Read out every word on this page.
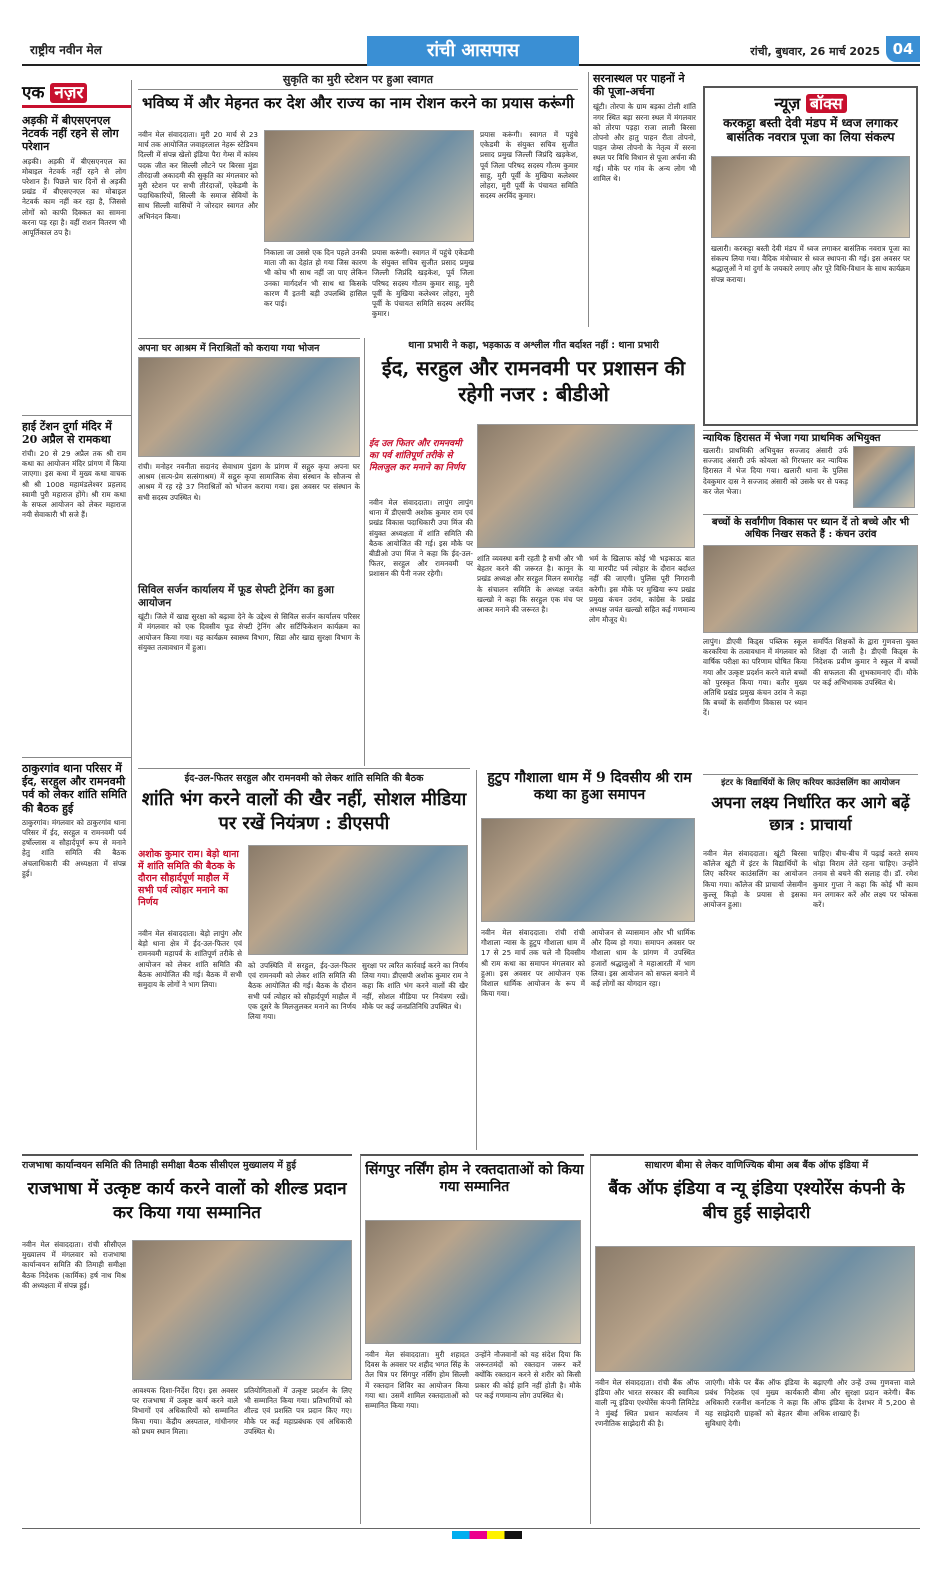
राष्ट्रीय नवीन मेल	रांची आसपास	रांची, बुधवार, 26 मार्च 2025 04
एक नज़र
अड़की में बीएसएनएल नेटवर्क नहीं रहने से लोग परेशान
अड़की। अड़की में बीएसएनएल का मोबाइल नेटवर्क नहीं रहने से लोग परेशान हैं। पिछले चार दिनों से अड़की प्रखंड में बीएसएनएल का मोबाइल नेटवर्क काम नहीं कर रहा है, जिससे लोगों को काफी दिक्कत का सामना करना पड़ रहा है। वहीं राशन वितरण भी आपूर्तिकाल ठप है।
हाई टेंशन दुर्गा मंदिर में 20 अप्रैल से रामकथा
रांची। 20 से 29 अप्रैल तक श्री राम कथा का आयोजन मंदिर प्रांगण में किया जाएगा। इस कथा में मुख्य कथा वाचक श्री श्री 1008 महामंडलेश्वर प्रहलाद स्वामी पुरी महाराज होंगे। श्री राम कथा के सफल आयोजन को लेकर महाराज नयी सेवाकारी भी सजे हैं।
ठाकुरगांव थाना परिसर में ईद, सरहुल और रामनवमी पर्व को लेकर शांति समिति की बैठक हुई
ठाकुरगांव। मंगलवार को ठाकुरगांव थाना परिसर में ईद, सरहुल व रामनवमी पर्व हर्षोल्लास व सौहार्दपूर्ण रूप से मनाने हेतु शांति समिति की बैठक अंचलाधिकारी की अध्यक्षता में संपन्न हुई।
सुकृति का मुरी स्टेशन पर हुआ स्वागत
भविष्य में और मेहनत कर देश और राज्य का नाम रोशन करने का प्रयास करूंगी
नवीन मेल संवाददाता। मुरी 20 मार्च से 23 मार्च तक आयोजित जवाहरलाल नेहरू स्टेडियम दिल्ली में संपन्न खेलो इंडिया पैरा गेम्स में कांस्य पदक जीत कर सिल्ली लौटने पर बिरसा मुंडा तीरंदाजी अकादमी की सुकृति का मंगलवार को मुरी स्टेशन पर सभी तीरंदाजों, एकेडमी के पदाधिकारियों, सिल्ली के समाज सेवियों के साथ सिल्ली वासियों ने जोरदार स्वागत और अभिनंदन किया।
निकाला जा उससे एक दिन पहले उनकी माता जी का देहांत हो गया जिस कारण भी कोच भी साथ नहीं जा पाए लेकिन उनका मार्गदर्शन भी साथ था किसके कारण मैं इतनी बड़ी उपलब्धि हासिल कर पाई।
प्रयास करूंगी। स्वागत में पहुंचे एकेडमी के संयुक्त सचिव सुजीत प्रसाद प्रमुख जिल्ली जिप्रंदि खड़केश, पूर्व जिला परिषद सदस्य गौतम कुमार साहू, मुरी पूर्वी के मुखिया कलेश्वर लोहरा, मुरी पूर्वी के पंचायत समिति सदस्य अरविंद कुमार।
प्रयास करूंगी। स्वागत में पहुंचे एकेडमी के संयुक्त सचिव सुजीत प्रसाद प्रमुख जिल्ली जिप्रंदि खड़केश, पूर्व जिला परिषद सदस्य गौतम कुमार साहू, मुरी पूर्वी के मुखिया कलेश्वर लोहरा, मुरी पूर्वी के पंचायत समिति सदस्य अरविंद कुमार।
सरनास्थल पर पाहनों ने की पूजा-अर्चना
खूंटी। तोरपा के ग्राम बड़का टोली शांति नगर स्थित बड़ा सरना स्थल में मंगलवार को तोरपा पड़हा राजा लाली बिरसा तोपनो और हातु पाहन रीता तोपनो, पाहन जेम्स तोपनो के नेतृत्व में सरना स्थल पर विधि विधान से पूजा अर्चना की गई। मौके पर गांव के अन्य लोग भी शामिल थे।
न्यूज़ बॉक्स
करकट्टा बस्ती देवी मंडप में ध्वज लगाकर बासंतिक नवरात्र पूजा का लिया संकल्प
खलारी। करकट्टा बस्ती देवी मंडप में ध्वज लगाकर बासंतिक नवरात्र पूजा का संकल्प लिया गया। वैदिक मंत्रोच्चार से ध्वज स्थापना की गई। इस अवसर पर श्रद्धालुओं ने मां दुर्गा के जयकारे लगाए और पूरे विधि-विधान के साथ कार्यक्रम संपन्न कराया।
न्यायिक हिरासत में भेजा गया प्राथमिक अभियुक्त
खलारी। प्राथमिकी अभियुक्त सज्जाद अंसारी उर्फ सज्जाद अंसारी उर्फ कोयला को गिरफ्तार कर न्यायिक हिरासत में भेज दिया गया। खलारी थाना के पुलिस देवकुमार दास ने सज्जाद अंसारी को उसके घर से पकड़ कर जेल भेजा।
अपना घर आश्रम में निराश्रितों को कराया गया भोजन
रांची। मनोहर नवनीता सदानंद सेवाधाम पुंडाग के प्रांगण में सद्गुरु कृपा अपना घर आश्रम (सत्य-प्रेम सत्संगाश्रम) में सद्गुरु कृपा सामाजिक सेवा संस्थान के सौजन्य से आश्रम में रह रहे 37 निराश्रितों को भोजन कराया गया। इस अवसर पर संस्थान के सभी सदस्य उपस्थित थे।
सिविल सर्जन कार्यालय में फूड सेफ्टी ट्रेनिंग का हुआ आयोजन
खूंटी। जिले में खाद्य सुरक्षा को बढ़ावा देने के उद्देश्य से सिविल सर्जन कार्यालय परिसर में मंगलवार को एक दिवसीय फूड सेफ्टी ट्रेनिंग और सर्टिफिकेशन कार्यक्रम का आयोजन किया गया। यह कार्यक्रम स्वास्थ्य विभाग, सिडा और खाद्य सुरक्षा विभाग के संयुक्त तत्वावधान में हुआ।
थाना प्रभारी ने कहा, भड़काऊ व अश्लील गीत बर्दाश्त नहीं : थाना प्रभारी
ईद, सरहुल और रामनवमी पर प्रशासन की रहेगी नजर : बीडीओ
ईद उल फितर और रामनवमी का पर्व शांतिपूर्ण तरीके से मिलजुल कर मनाने का निर्णय
नवीन मेल संवाददाता। लापुंग लापुंग थाना में डीएसपी अशोक कुमार राम एवं प्रखंड विकास पदाधिकारी उपा मिंज की संयुक्त अध्यक्षता में शांति समिति की बैठक आयोजित की गई। इस मौके पर बीडीओ उपा मिंज ने कहा कि ईद-उल-फितर, सरहुल और रामनवमी पर प्रशासन की पैनी नजर रहेगी।
शांति व्यवस्था बनी रहती है सभी और भी बेहतर करने की जरूरत है। कानून के प्रखंड अध्यक्ष और सरहुल मिलन समारोह के संचालन समिति के अध्यक्ष जयंत खल्खो ने कहा कि सरहुल एक मंच पर आकर मनाने की जरूरत है।
भर्म के खिलाफ कोई भी भड़काऊ बात या मारपीट पर्व त्योहार के दौरान बर्दाश्त नहीं की जाएगी। पुलिस पूरी निगरानी करेगी। इस मौके पर मुखिया रूप प्रखंड प्रमुख कंचन उरांव, कांग्रेस के प्रखंड अध्यक्ष जयंत खल्खो सहित कई गणमान्य लोग मौजूद थे।
बच्चों के सर्वांगीण विकास पर ध्यान दें तो बच्चे और भी अधिक निखर सकते हैं : कंचन उरांव
लापुंग। डीएवी किड्स पब्लिक स्कूल करकरिया के तत्वावधान में मंगलवार को वार्षिक परीक्षा का परिणाम घोषित किया गया और उत्कृष्ट प्रदर्शन करने वाले बच्चों को पुरस्कृत किया गया। बतौर मुख्य अतिथि प्रखंड प्रमुख कंचन उरांव ने कहा कि बच्चों के सर्वांगीण विकास पर ध्यान दें।
समर्पित शिक्षकों के द्वारा गुणवत्ता युक्त शिक्षा दी जाती है। डीएवी किड्स के निदेशक प्रवीण कुमार ने स्कूल में बच्चों की सफलता की शुभकामनाएं दीं। मौके पर कई अभिभावक उपस्थित थे।
ईद-उल-फितर सरहुल और रामनवमी को लेकर शांति समिति की बैठक
शांति भंग करने वालों की खैर नहीं, सोशल मीडिया पर रखें नियंत्रण : डीएसपी
अशोक कुमार राम। बेड़ो थाना में शांति समिति की बैठक के दौरान सौहार्दपूर्ण माहौल में सभी पर्व त्योहार मनाने का निर्णय
नवीन मेल संवाददाता। बेड़ो लापुंग और बेड़ो थाना क्षेत्र में ईद-उल-फितर एवं रामनवमी महापर्व के शांतिपूर्ण तरीके से आयोजन को लेकर शांति समिति की बैठक आयोजित की गई। बैठक में सभी समुदाय के लोगों ने भाग लिया।
को उपस्थिति में सरहुल, ईद-उल-फितर एवं रामनवमी को लेकर शांति समिति की बैठक आयोजित की गई। बैठक के दौरान सभी पर्व त्योहार को सौहार्दपूर्ण माहौल में एक दूसरे के मिलजुलकर मनाने का निर्णय लिया गया।
सुरक्षा पर त्वरित कार्रवाई करने का निर्णय लिया गया। डीएसपी अशोक कुमार राम ने कहा कि शांति भंग करने वालों की खैर नहीं, सोशल मीडिया पर नियंत्रण रखें। मौके पर कई जनप्रतिनिधि उपस्थित थे।
हुटुप गौशाला धाम में 9 दिवसीय श्री राम कथा का हुआ समापन
नवीन मेल संवाददाता। रांची रांची गौशाला न्यास के हुटुप गौशाला धाम में 17 से 25 मार्च तक चले नौ दिवसीय श्री राम कथा का समापन मंगलवार को हुआ। इस अवसर पर आयोजन एक विशाल धार्मिक आयोजन के रूप में किया गया।
आयोजन से व्यासमान और भी धार्मिक और दिव्य हो गया। समापन अवसर पर गौशाला धाम के प्रांगण में उपस्थित हजारों श्रद्धालुओं ने महाआरती में भाग लिया। इस आयोजन को सफल बनाने में कई लोगों का योगदान रहा।
इंटर के विद्यार्थियों के लिए करियर काउंसलिंग का आयोजन
अपना लक्ष्य निर्धारित कर आगे बढ़ें छात्र : प्राचार्या
नवीन मेल संवाददाता। खूंटी बिरसा कॉलेज खूंटी में इंटर के विद्यार्थियों के लिए करियर काउंसलिंग का आयोजन किया गया। कॉलेज की प्राचार्या जेसमीन कुल्लू किड़ो के प्रयास से इसका आयोजन हुआ।
चाहिए। बीच-बीच में पढ़ाई करते समय थोड़ा विराम लेते रहना चाहिए। उन्होंने तनाव से बचने की सलाह दी। डॉ. रमेश कुमार गुप्ता ने कहा कि कोई भी काम मन लगाकर करें और लक्ष्य पर फोकस करें।
राजभाषा कार्यान्वयन समिति की तिमाही समीक्षा बैठक सीसीएल मुख्यालय में हुई
राजभाषा में उत्कृष्ट कार्य करने वालों को शील्ड प्रदान कर किया गया सम्मानित
नवीन मेल संवाददाता। रांची सीसीएल मुख्यालय में मंगलवार को राजभाषा कार्यान्वयन समिति की तिमाही समीक्षा बैठक निदेशक (कार्मिक) हर्ष नाथ मिश्र की अध्यक्षता में संपन्न हुई।
आवश्यक दिशा-निर्देश दिए। इस अवसर पर राजभाषा में उत्कृष्ट कार्य करने वाले विभागों एवं अधिकारियों को सम्मानित किया गया। केंद्रीय अस्पताल, गांधीनगर को प्रथम स्थान मिला।
प्रतियोगिताओं में उत्कृष्ट प्रदर्शन के लिए भी सम्मानित किया गया। प्रतिभागियों को शील्ड एवं प्रशस्ति पत्र प्रदान किए गए। मौके पर कई महाप्रबंधक एवं अधिकारी उपस्थित थे।
सिंगपुर नर्सिंग होम ने रक्तदाताओं को किया गया सम्मानित
नवीन मेल संवाददाता। मुरी शहादत दिवस के अवसर पर शहीद भगत सिंह के तैल चित्र पर सिंगपुर नर्सिंग होम सिल्ली में रक्तदान शिविर का आयोजन किया गया था। उसमें शामिल रक्तदाताओं को सम्मानित किया गया।
उन्होंने नौजवानों को यह संदेश दिया कि जरूरतमंदों को रक्तदान जरूर करें क्योंकि रक्तदान करने से शरीर को किसी प्रकार की कोई हानि नहीं होती है। मौके पर कई गणमान्य लोग उपस्थित थे।
साधारण बीमा से लेकर वाणिज्यिक बीमा अब बैंक ऑफ इंडिया में
बैंक ऑफ इंडिया व न्यू इंडिया एश्योरेंस कंपनी के बीच हुई साझेदारी
नवीन मेल संवाददाता। रांची बैंक ऑफ इंडिया और भारत सरकार की स्वामित्व वाली न्यू इंडिया एश्योरेंस कंपनी लिमिटेड ने मुंबई स्थित प्रधान कार्यालय में रणनीतिक साझेदारी की है।
जाएंगी। मौके पर बैंक ऑफ इंडिया के प्रबंध निदेशक एवं मुख्य कार्यकारी अधिकारी रजनीश कर्नाटक ने कहा कि यह साझेदारी ग्राहकों को बेहतर बीमा सुविधाएं देगी।
बढ़ाएगी और उन्हें उच्च गुणवत्ता वाले बीमा और सुरक्षा प्रदान करेगी। बैंक ऑफ इंडिया के देशभर में 5,200 से अधिक शाखाएं हैं।
